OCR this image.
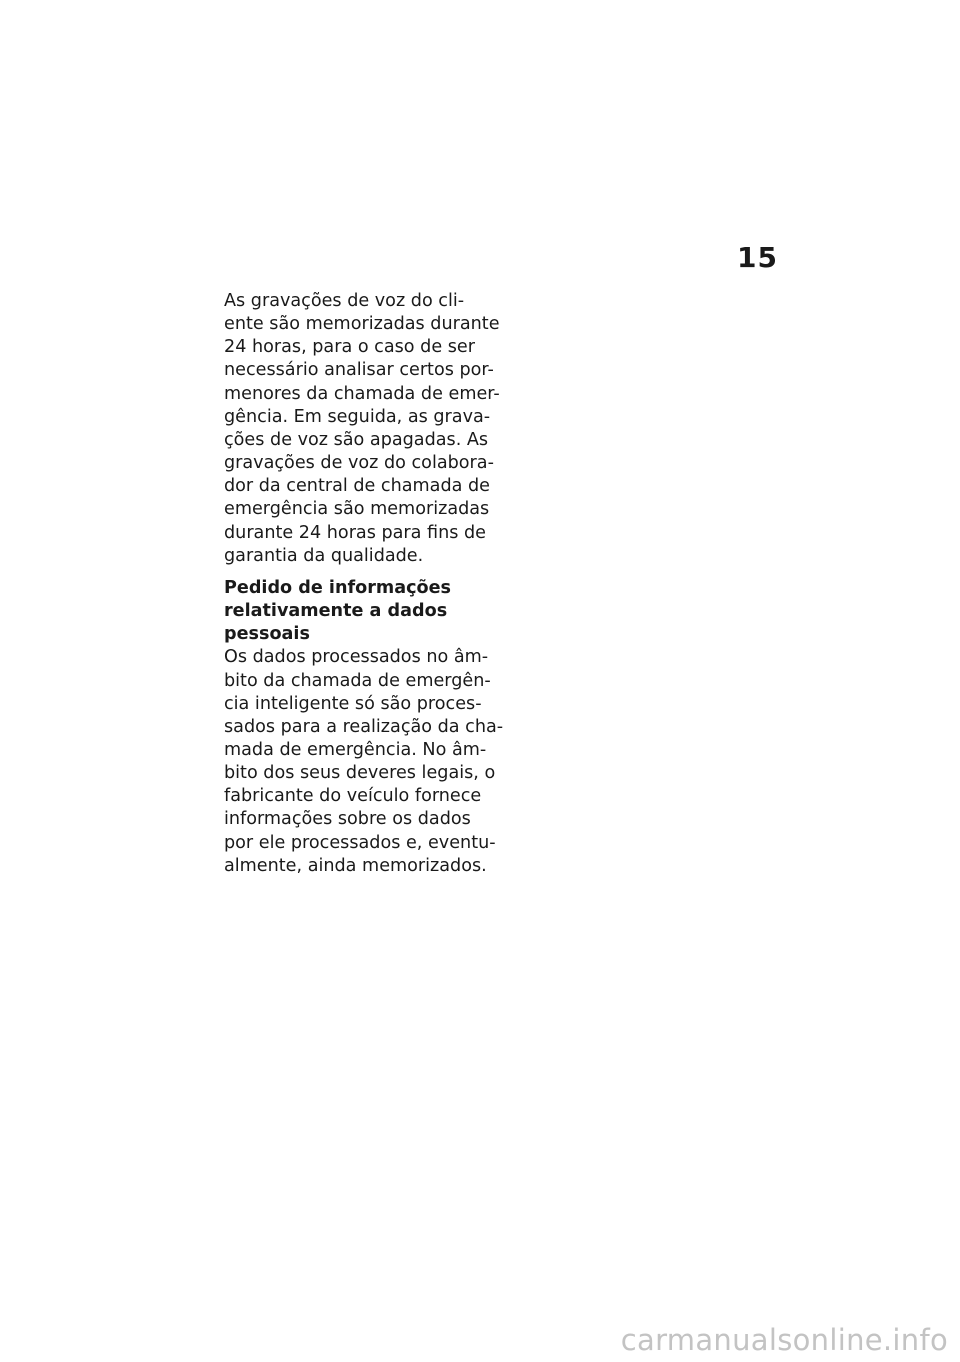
15

As gravações de voz do cli-
ente são memorizadas durante
24 horas, para o caso de ser
necessário analisar certos por-
menores da chamada de emer-
gência. Em seguida, as grava-
ções de voz são apagadas. As
gravações de voz do colabora-
dor da central de chamada de
emergência são memorizadas
durante 24 horas para fins de
garantia da qualidade.

Pedido de informações
relativamente a dados
pessoais

Os dados processados no âm-
bito da chamada de emergên-
cia inteligente só são proces-
sados para a realização da cha-
mada de emergência. No âm-
bito dos seus deveres legais, o
fabricante do veículo fornece
informações sobre os dados
por ele processados e, eventu-
almente, ainda memorizados.

carmanualsonline.info
